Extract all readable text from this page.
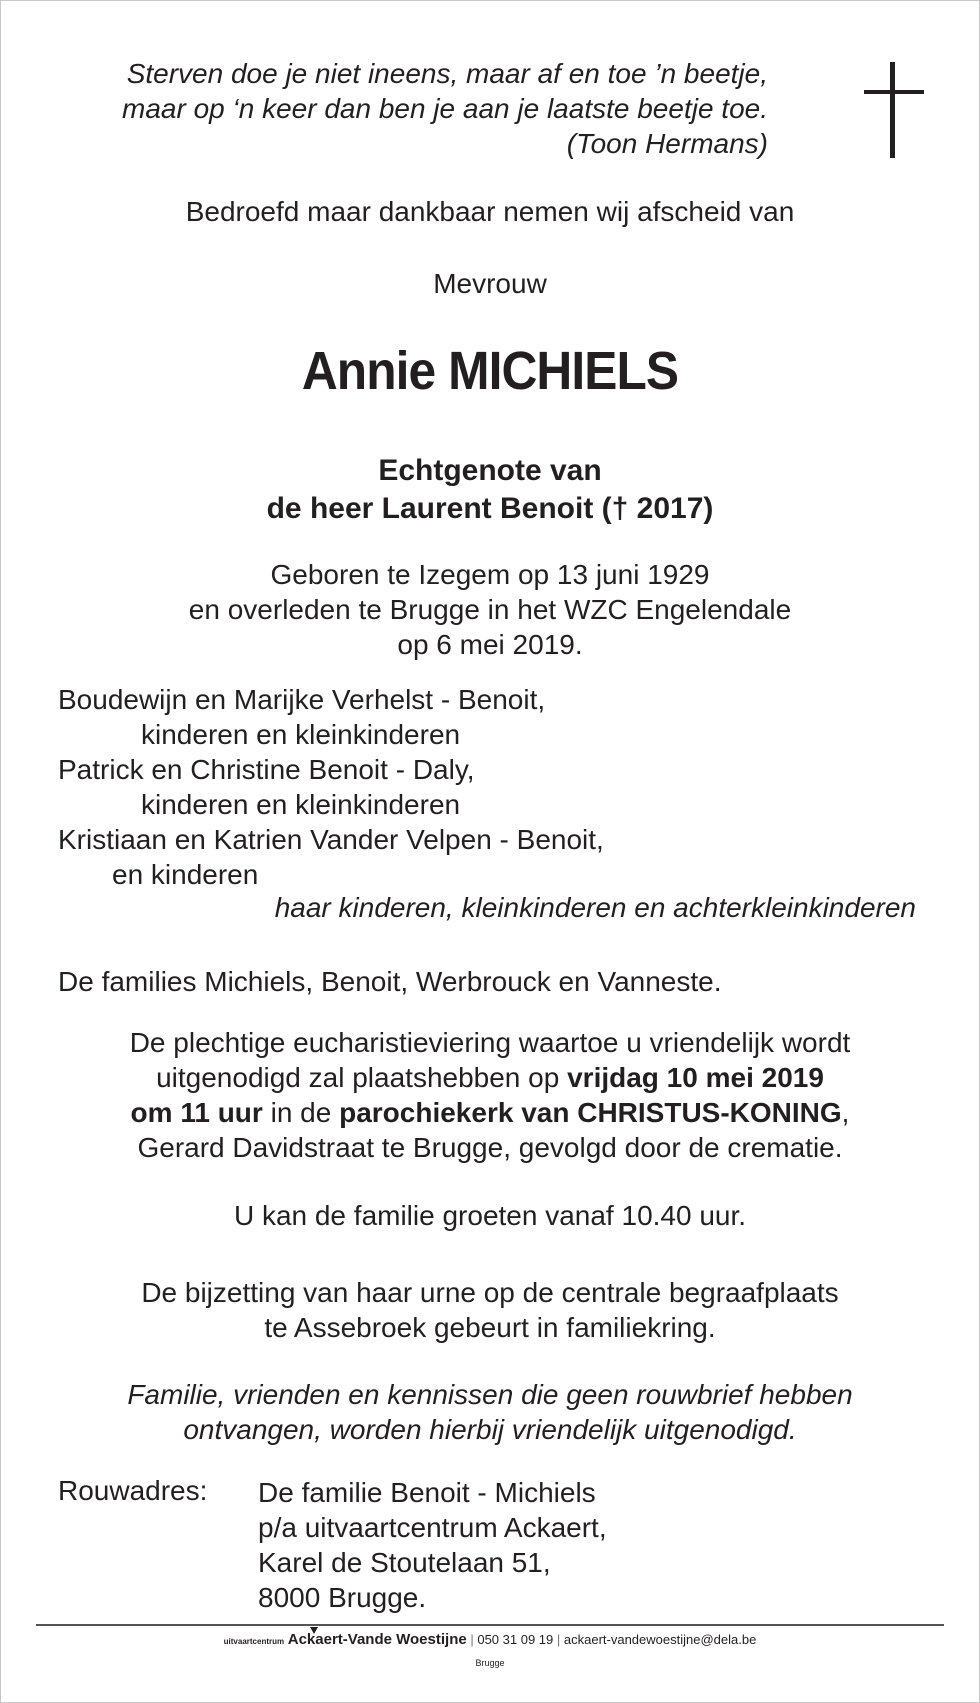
Sterven doe je niet ineens, maar af en toe ’n beetje,
maar op ‘n keer dan ben je aan je laatste beetje toe.
(Toon Hermans)
Bedroefd maar dankbaar nemen wij afscheid van
Mevrouw
Annie MICHIELS
Echtgenote van
de heer Laurent Benoit († 2017)
Geboren te Izegem op 13 juni 1929
en overleden te Brugge in het WZC Engelendale
op 6 mei 2019.
Boudewijn en Marijke Verhelst - Benoit,
kinderen en kleinkinderen
Patrick en Christine Benoit - Daly,
kinderen en kleinkinderen
Kristiaan en Katrien Vander Velpen - Benoit,
en kinderen
haar kinderen, kleinkinderen en achterkleinkinderen
De families Michiels, Benoit, Werbrouck en Vanneste.
De plechtige eucharistieviering waartoe u vriendelijk wordt
uitgenodigd zal plaatshebben op vrijdag 10 mei 2019
om 11 uur in de parochiekerk van CHRISTUS-KONING,
Gerard Davidstraat te Brugge, gevolgd door de crematie.
U kan de familie groeten vanaf 10.40 uur.
De bijzetting van haar urne op de centrale begraafplaats
te Assebroek gebeurt in familiekring.
Familie, vrienden en kennissen die geen rouwbrief hebben
ontvangen, worden hierbij vriendelijk uitgenodigd.
Rouwadres: De familie Benoit - Michiels
p/a uitvaartcentrum Ackaert,
Karel de Stoutelaan 51,
8000 Brugge.
uitvaartcentrum Ackaert-Vande Woestijne | 050 31 09 19 | ackaert-vandewoestijne@dela.be
Brugge
